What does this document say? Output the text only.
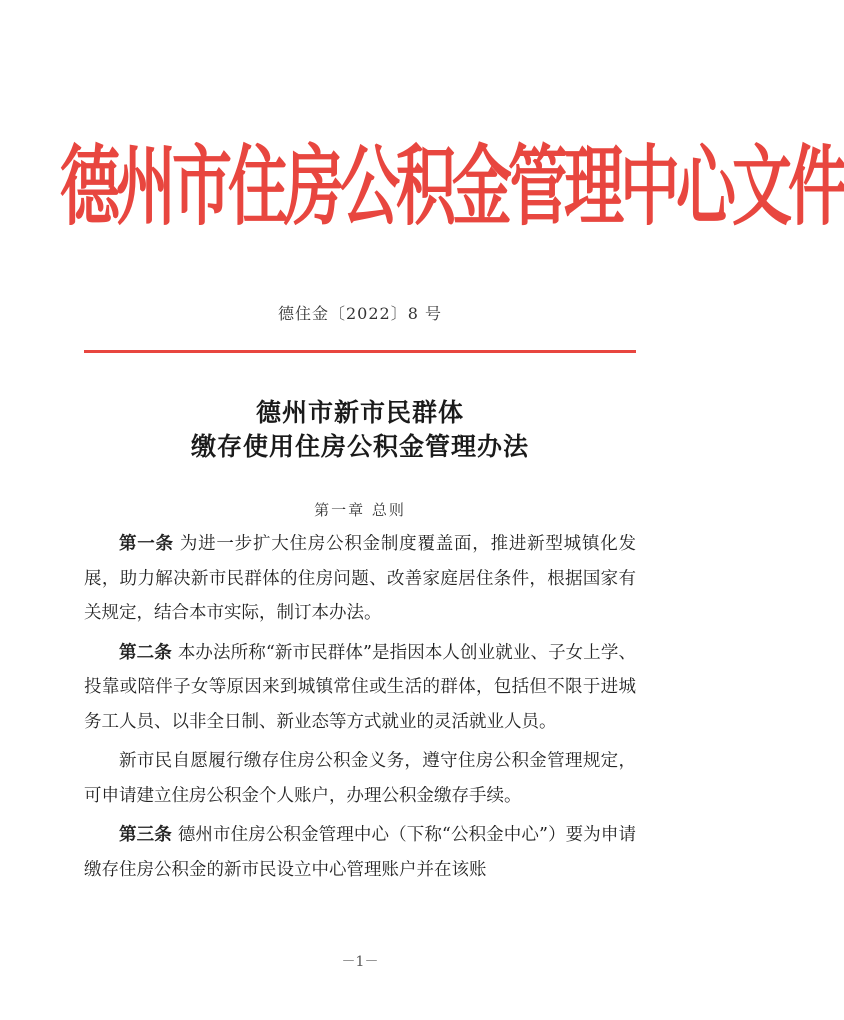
德州市住房公积金管理中心文件
德住金〔2022〕8 号
德州市新市民群体
缴存使用住房公积金管理办法
第一章 总则

第一条 为进一步扩大住房公积金制度覆盖面，推进新型城镇化发展，助力解决新市民群体的住房问题、改善家庭居住条件，根据国家有关规定，结合本市实际，制订本办法。

第二条 本办法所称“新市民群体”是指因本人创业就业、子女上学、投靠或陪伴子女等原因来到城镇常住或生活的群体，包括但不限于进城务工人员、以非全日制、新业态等方式就业的灵活就业人员。

新市民自愿履行缴存住房公积金义务，遵守住房公积金管理规定，可申请建立住房公积金个人账户，办理公积金缴存手续。

第三条 德州市住房公积金管理中心（下称“公积金中心”）要为申请缴存住房公积金的新市民设立中心管理账户并在该账

－1－
